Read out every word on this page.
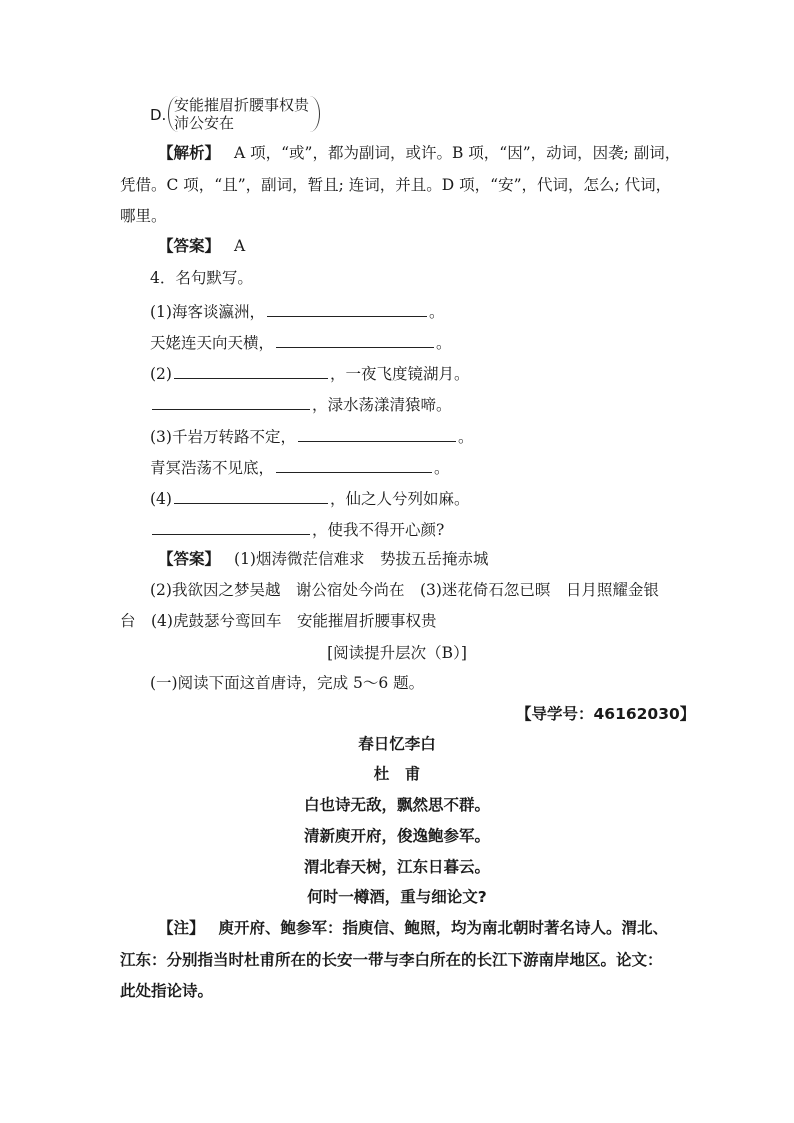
D.
安能摧眉折腰事权贵
沛公安在
【解析】 A 项，“或”，都为副词，或许。B 项，“因”，动词，因袭; 副词，
凭借。C 项，“且”，副词，暂且; 连词，并且。D 项，“安”，代词，怎么; 代词，
哪里。
【答案】 A
4．名句默写。
(1)海客谈瀛洲，	。
天姥连天向天横，	。
(2)	，一夜飞度镜湖月。
，渌水荡漾清猿啼。
(3)千岩万转路不定，	。
青冥浩荡不见底，	。
(4)	，仙之人兮列如麻。
，使我不得开心颜?
【答案】 (1)烟涛微茫信难求　势拔五岳掩赤城
(2)我欲因之梦吴越　谢公宿处今尚在　(3)迷花倚石忽已暝　日月照耀金银
台　(4)虎鼓瑟兮鸾回车　安能摧眉折腰事权贵
[阅读提升层次（B）]
(一)阅读下面这首唐诗，完成 5～6 题。
【导学号：46162030】
春日忆李白
杜　甫
白也诗无敌，飘然思不群。
清新庾开府，俊逸鲍参军。
渭北春天树，江东日暮云。
何时一樽酒，重与细论文?
【注】 庾开府、鲍参军：指庾信、鲍照，均为南北朝时著名诗人。渭北、
江东：分别指当时杜甫所在的长安一带与李白所在的长江下游南岸地区。论文：
此处指论诗。
